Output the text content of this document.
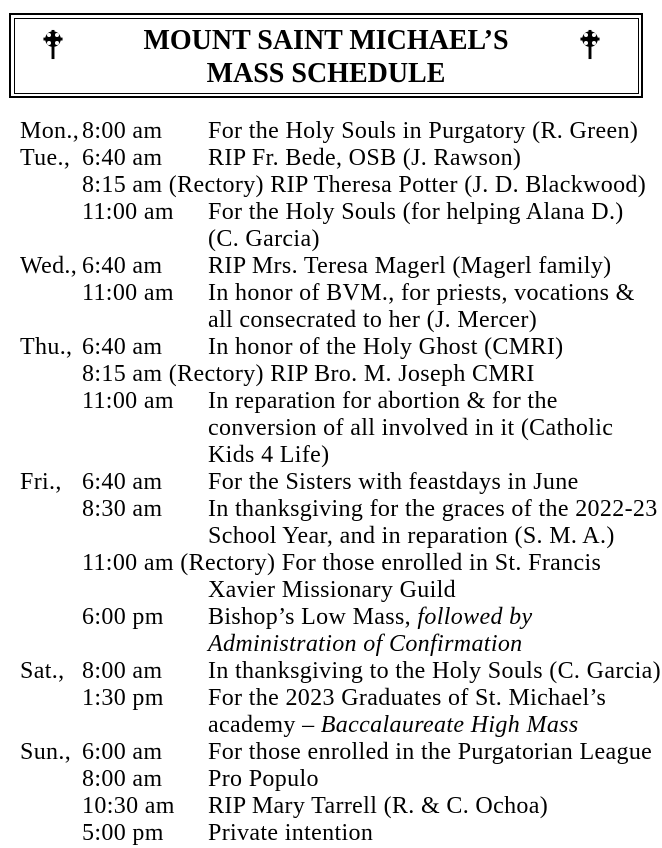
MOUNT SAINT MICHAEL’S
MASS SCHEDULE
Mon., 8:00 am	For the Holy Souls in Purgatory (R. Green)
Tue., 6:40 am	RIP Fr. Bede, OSB (J. Rawson)
8:15 am (Rectory) RIP Theresa Potter (J. D. Blackwood)
11:00 am	For the Holy Souls (for helping Alana D.)
(C. Garcia)
Wed., 6:40 am	RIP Mrs. Teresa Magerl (Magerl family)
11:00 am	In honor of BVM., for priests, vocations &
all consecrated to her (J. Mercer)
Thu., 6:40 am	In honor of the Holy Ghost (CMRI)
8:15 am (Rectory) RIP Bro. M. Joseph CMRI
11:00 am	In reparation for abortion & for the
conversion of all involved in it (Catholic
Kids 4 Life)
Fri., 6:40 am	For the Sisters with feastdays in June
8:30 am	In thanksgiving for the graces of the 2022-23
School Year, and in reparation (S. M. A.)
11:00 am (Rectory) For those enrolled in St. Francis
Xavier Missionary Guild
6:00 pm	Bishop’s Low Mass, followed by
Administration of Confirmation
Sat., 8:00 am	In thanksgiving to the Holy Souls (C. Garcia)
1:30 pm	For the 2023 Graduates of St. Michael’s
academy – Baccalaureate High Mass
Sun., 6:00 am	For those enrolled in the Purgatorian League
8:00 am	Pro Populo
10:30 am	RIP Mary Tarrell (R. & C. Ochoa)
5:00 pm	Private intention
